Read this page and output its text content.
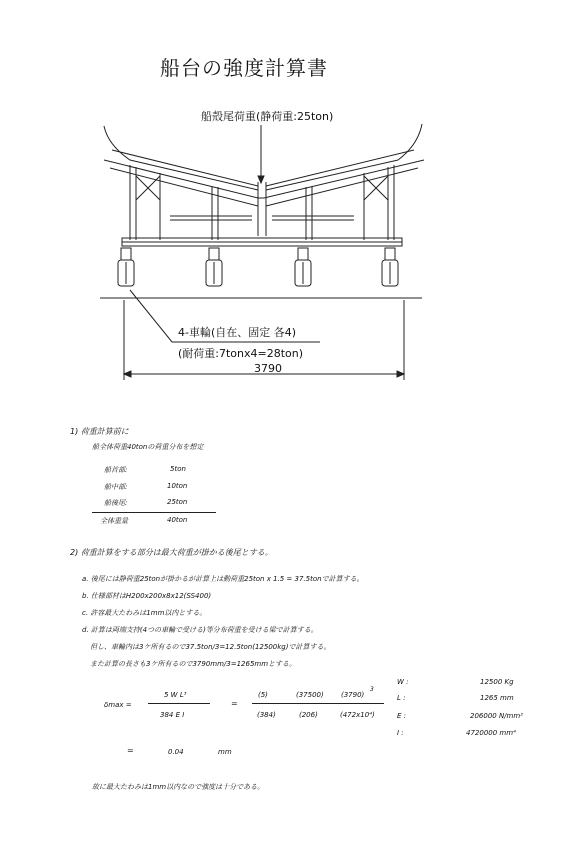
船台の強度計算書
船殻尾荷重(静荷重:25ton)
4-車輪(自在、固定 各4)
(耐荷重:7tonx4=28ton)
3790
1) 荷重計算前に
船全体荷重40tonの荷重分布を想定
船首部:	5ton
船中部:	10ton
船後尾:	25ton
全体重量	40ton
2) 荷重計算をする部分は最大荷重が掛かる後尾とする。
a. 後尾には静荷重25tonが掛かるが計算上は動荷重25ton x 1.5 = 37.5tonで計算する。
b. 仕様部材はH200x200x8x12(SS400)
c. 許容最大たわみは1mm以内とする。
d. 計算は両端支持(4つの車輪で受ける)等分布荷重を受ける梁で計算する。
但し、車輪内は3ケ所有るので37.5ton/3=12.5ton(12500kg)で計算する。
また計算の長さも3ケ所有るので3790mm/3=1265mmとする。
δmax =
5 W L³
384 E I
=
(5)	(37500) (3790)
3
(384)	(206)	(472x10⁴)
=	0.04	mm
W :	12500 Kg
L :	1265 mm
E :	206000 N/mm²
I :	4720000 mm⁴
故に最大たわみは1mm以内なので強度は十分である。
